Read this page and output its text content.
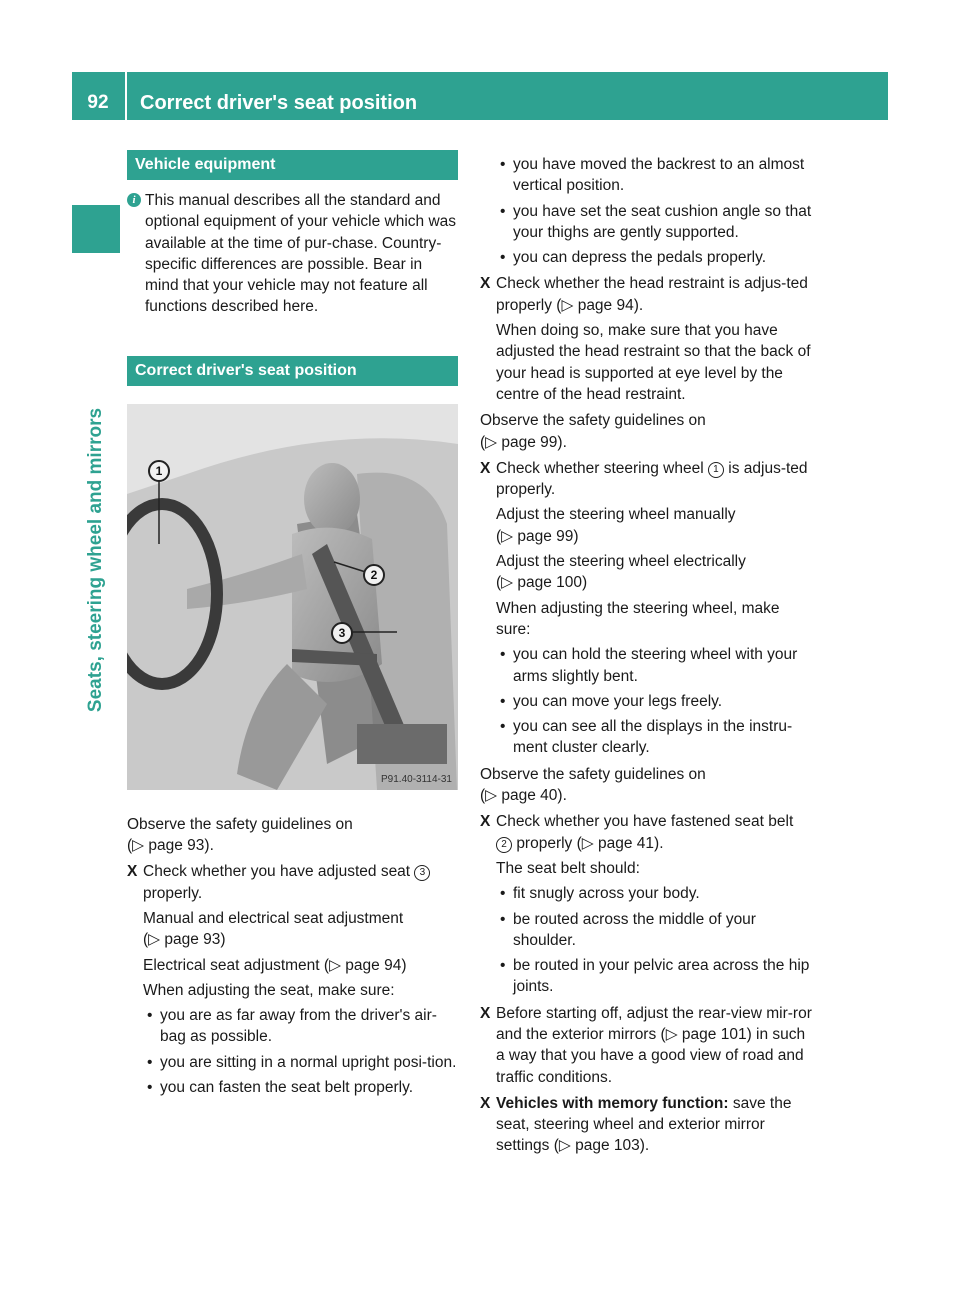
92	Correct driver's seat position
Seats, steering wheel and mirrors
Vehicle equipment
i This manual describes all the standard and optional equipment of your vehicle which was available at the time of pur-chase. Country-specific differences are possible. Bear in mind that your vehicle may not feature all functions described here.

Correct driver's seat position
1
2
3
P91.40-3114-31

Observe the safety guidelines on

(▷ page 93).

X Check whether you have adjusted seat 3
properly.
Manual and electrical seat adjustment
(▷ page 93)
Electrical seat adjustment (▷ page 94)
When adjusting the seat, make sure:
• you are as far away from the driver's air-bag as possible.
• you are sitting in a normal upright posi-tion.
• you can fasten the seat belt properly.
• you have moved the backrest to an almost vertical position.
• you have set the seat cushion angle so that your thighs are gently supported.
• you can depress the pedals properly.
X Check whether the head restraint is adjus-ted properly (▷ page 94).
When doing so, make sure that you have adjusted the head restraint so that the back of your head is supported at eye level by the centre of the head restraint.

Observe the safety guidelines on

(▷ page 99).

X Check whether steering wheel 1 is adjus-ted properly.
Adjust the steering wheel manually
(▷ page 99)
Adjust the steering wheel electrically
(▷ page 100)
When adjusting the steering wheel, make sure:
• you can hold the steering wheel with your arms slightly bent.
• you can move your legs freely.
• you can see all the displays in the instru-ment cluster clearly.

Observe the safety guidelines on

(▷ page 40).

X Check whether you have fastened seat belt 2 properly (▷ page 41).
The seat belt should:
• fit snugly across your body.
• be routed across the middle of your shoulder.
• be routed in your pelvic area across the hip joints.
X Before starting off, adjust the rear-view mir-ror and the exterior mirrors (▷ page 101) in such a way that you have a good view of road and traffic conditions.
X Vehicles with memory function: save the seat, steering wheel and exterior mirror settings (▷ page 103).
